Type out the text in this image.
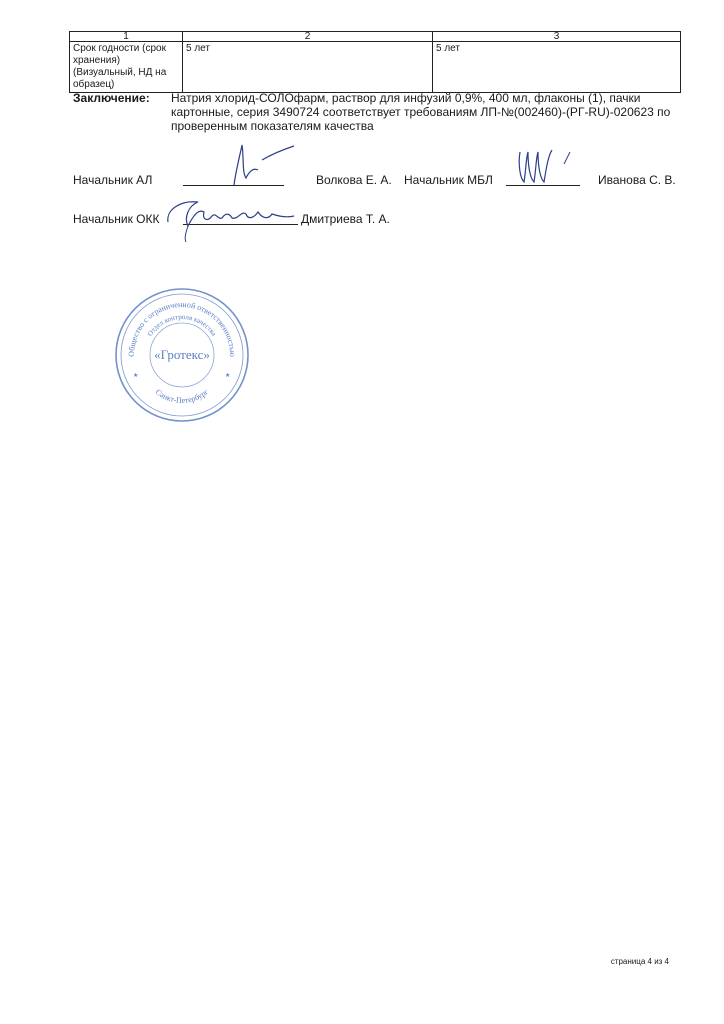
1	2	3
Срок годности (срок хранения) (Визуальный, НД на образец)	5 лет	5 лет
Заключение: Натрия хлорид-СОЛОфарм, раствор для инфузий 0,9%, 400 мл, флаконы (1), пачки картонные, серия 3490724 соответствует требованиям ЛП-№(002460)-(РГ-RU)-020623 по проверенным показателям качества
Начальник АЛ	Волкова Е. А. Начальник МБЛ	Иванова С. В.
Начальник ОКК	Дмитриева Т. А.
Общество с ограниченной ответственностью
Отдел контроля качества
Санкт-Петербург
«Гротекс»
★	★
страница 4 из 4
